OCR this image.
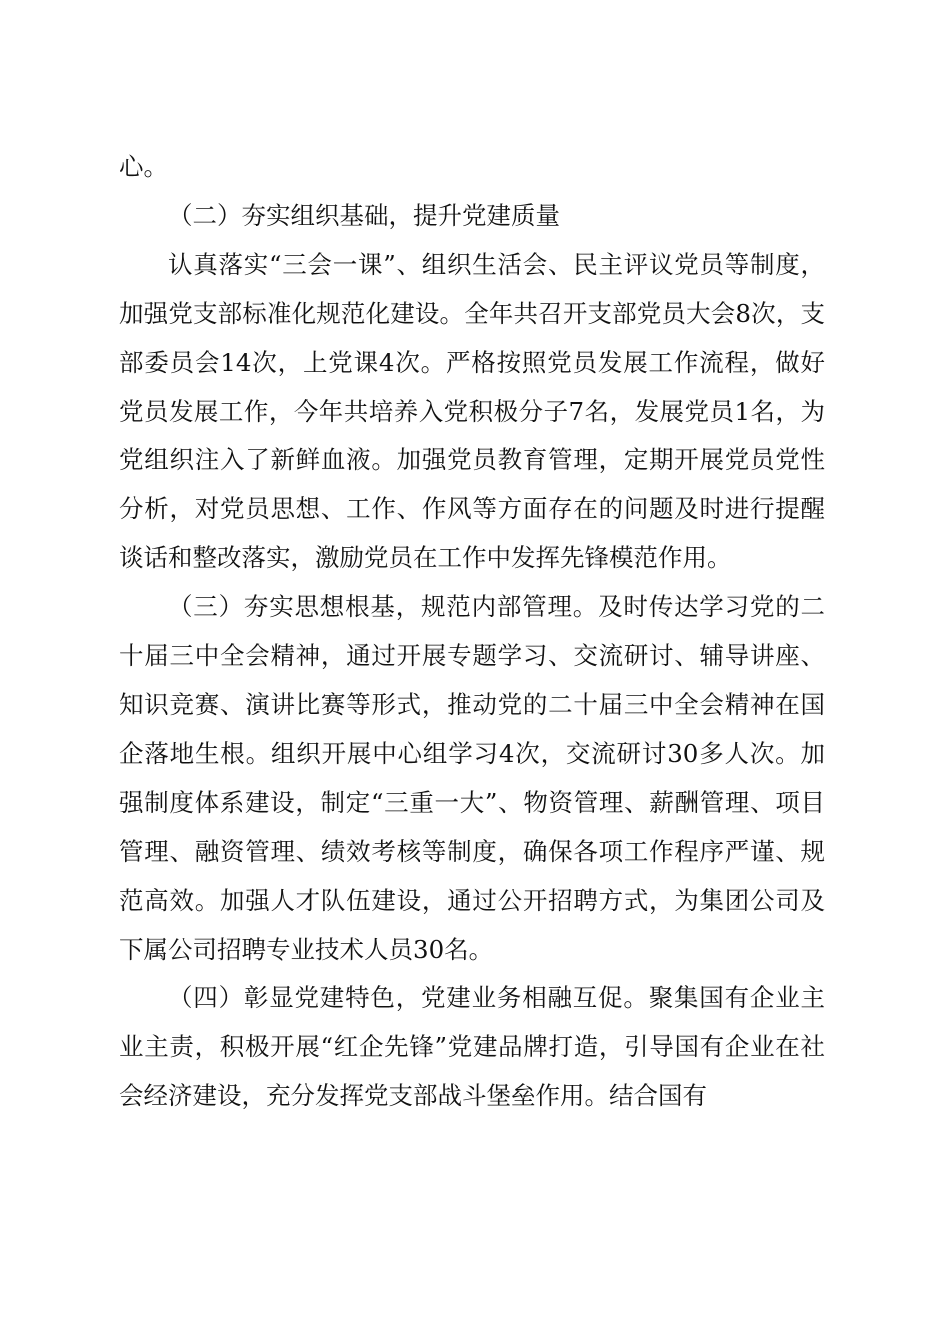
心。

（二）夯实组织基础，提升党建质量

认真落实“三会一课”、组织生活会、民主评议党员等制度，加强党支部标准化规范化建设。全年共召开支部党员大会8次，支部委员会14次，上党课4次。严格按照党员发展工作流程，做好党员发展工作，今年共培养入党积极分子7名，发展党员1名，为党组织注入了新鲜血液。加强党员教育管理，定期开展党员党性分析，对党员思想、工作、作风等方面存在的问题及时进行提醒谈话和整改落实，激励党员在工作中发挥先锋模范作用。

（三）夯实思想根基，规范内部管理。及时传达学习党的二十届三中全会精神，通过开展专题学习、交流研讨、辅导讲座、知识竞赛、演讲比赛等形式，推动党的二十届三中全会精神在国企落地生根。组织开展中心组学习4次，交流研讨30多人次。加强制度体系建设，制定“三重一大”、物资管理、薪酬管理、项目管理、融资管理、绩效考核等制度，确保各项工作程序严谨、规范高效。加强人才队伍建设，通过公开招聘方式，为集团公司及下属公司招聘专业技术人员30名。

（四）彰显党建特色，党建业务相融互促。聚集国有企业主业主责，积极开展“红企先锋”党建品牌打造，引导国有企业在社会经济建设，充分发挥党支部战斗堡垒作用。结合国有
